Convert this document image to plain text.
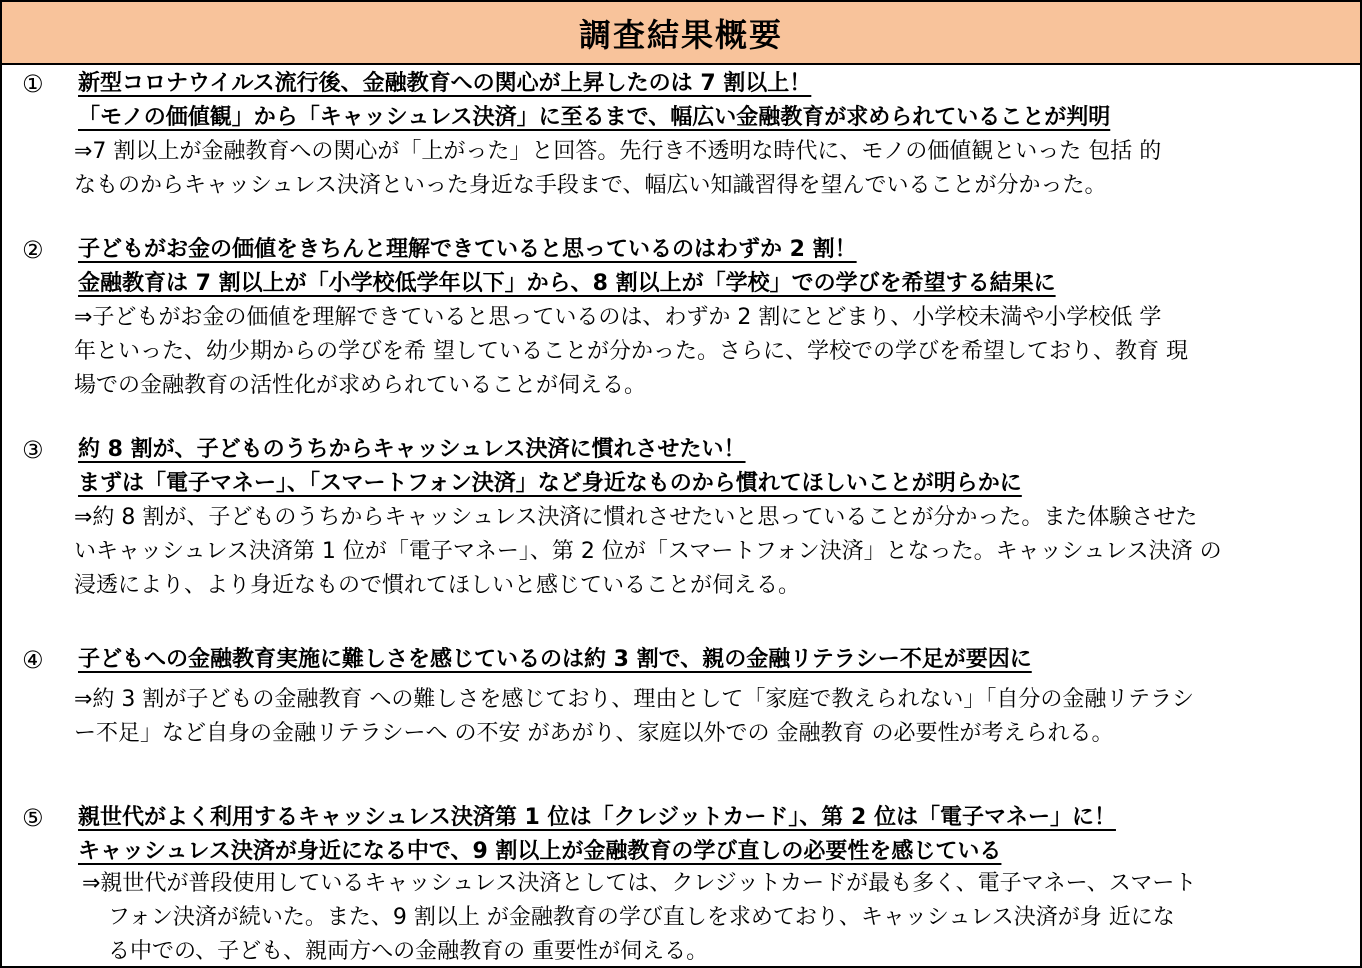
調査結果概要
① 新型コロナウイルス流行後、金融教育への関心が上昇したのは 7 割以上！
「モノの価値観」から「キャッシュレス決済」に至るまで、幅広い金融教育が求められていることが判明
⇒7 割以上が金融教育への関心が「上がった」と回答。先行き不透明な時代に、モノの価値観といった 包括 的
なものからキャッシュレス決済といった身近な手段まで、幅広い知識習得を望んでいることが分かった。
② 子どもがお金の価値をきちんと理解できていると思っているのはわずか 2 割！
金融教育は 7 割以上が「小学校低学年以下」から、8 割以上が「学校」での学びを希望する結果に
⇒子どもがお金の価値を理解できていると思っているのは、わずか 2 割にとどまり、小学校未満や小学校低 学
年といった、幼少期からの学びを希 望していることが分かった。さらに、学校での学びを希望しており、教育 現
場での金融教育の活性化が求められていることが伺える。
③ 約 8 割が、子どものうちからキャッシュレス決済に慣れさせたい！
まずは「電子マネー」、「スマートフォン決済」など身近なものから慣れてほしいことが明らかに
⇒約 8 割が、子どものうちからキャッシュレス決済に慣れさせたいと思っていることが分かった。また体験させた
いキャッシュレス決済第 1 位が「電子マネー」、第 2 位が「スマートフォン決済」となった。キャッシュレス決済 の
浸透により、より身近なもので慣れてほしいと感じていることが伺える。
④ 子どもへの金融教育実施に難しさを感じているのは約 3 割で、親の金融リテラシー不足が要因に
⇒約 3 割が子どもの金融教育 への難しさを感じており、理由として「家庭で教えられない」「自分の金融リテラシ
ー不足」など自身の金融リテラシーへ の不安 があがり、家庭以外での 金融教育 の必要性が考えられる。
⑤ 親世代がよく利用するキャッシュレス決済第 1 位は「クレジットカード」、第 2 位は「電子マネー」に！
キャッシュレス決済が身近になる中で、9 割以上が金融教育の学び直しの必要性を感じている
⇒親世代が普段使用しているキャッシュレス決済としては、クレジットカードが最も多く、電子マネー、スマート
フォン決済が続いた。また、9 割以上 が金融教育の学び直しを求めており、キャッシュレス決済が身 近にな
る中での、子ども、親両方への金融教育の 重要性が伺える。
